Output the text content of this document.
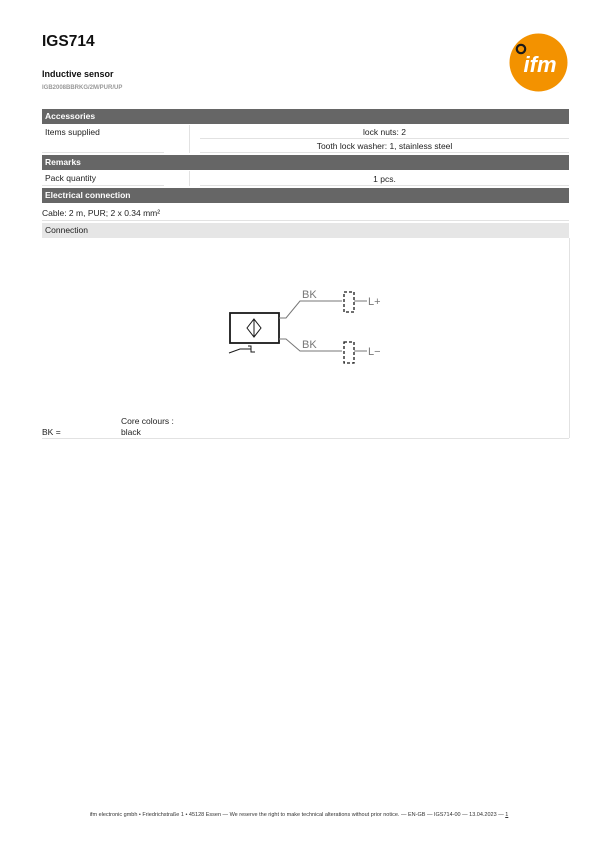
IGS714
Inductive sensor
IGB2008BBRKG/2M/PUR/UP
ifm
Accessories
Items supplied	lock nuts: 2
Tooth lock washer: 1, stainless steel
Remarks
Pack quantity	1 pcs.
Electrical connection
Cable: 2 m, PUR; 2 x 0.34 mm²
Connection
BK
BK
L+
L−
Core colours :
BK =	black
ifm electronic gmbh • Friedrichstraße 1 • 45128 Essen — We reserve the right to make technical alterations without prior notice. — EN-GB — IGS714-00 — 13.04.2023 — 1
